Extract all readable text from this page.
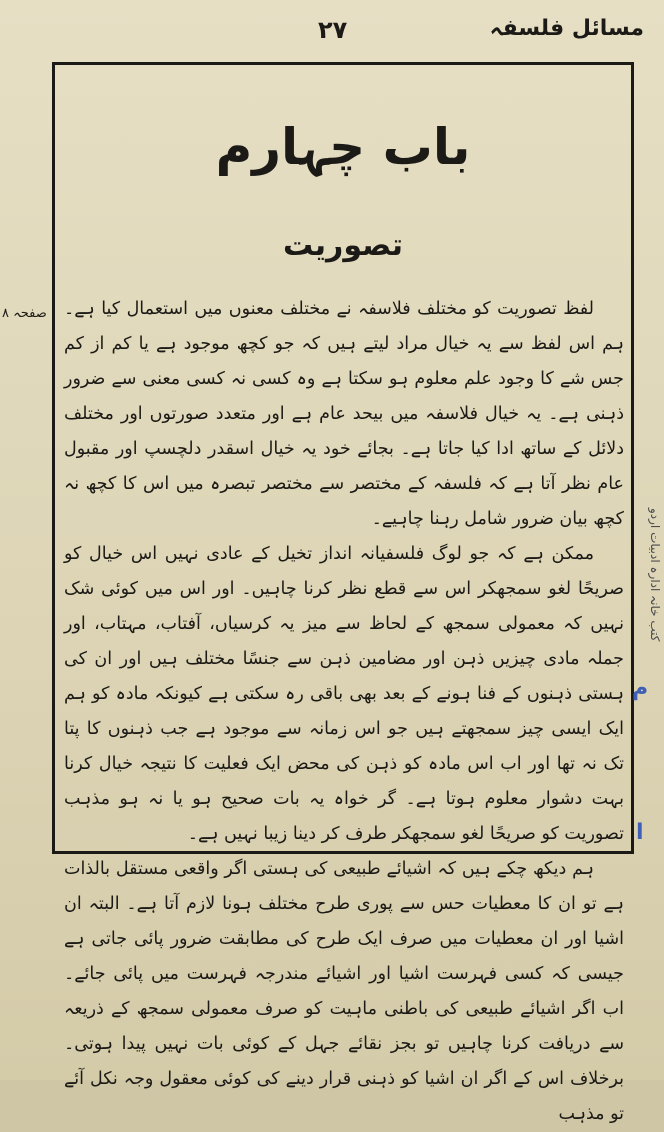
۲۷	مسائل فلسفہ
باب چہارم
تصوریت

لفظ تصوریت کو مختلف فلاسفہ نے مختلف معنوں میں استعمال کیا ہے۔ ہم اس لفظ سے یہ خیال مراد لیتے ہیں کہ جو کچھ موجود ہے یا کم از کم جس شے کا وجود علم معلوم ہو سکتا ہے وہ کسی نہ کسی معنی سے ضرور ذہنی ہے۔ یہ خیال فلاسفہ میں بیحد عام ہے اور متعدد صورتوں اور مختلف دلائل کے ساتھ ادا کیا جاتا ہے۔ بجائے خود یہ خیال اسقدر دلچسپ اور مقبول عام نظر آتا ہے کہ فلسفہ کے مختصر سے مختصر تبصرہ میں اس کا کچھ نہ کچھ بیان ضرور شامل رہنا چاہیے۔

ممکن ہے کہ جو لوگ فلسفیانہ انداز تخیل کے عادی نہیں اس خیال کو صریحًا لغو سمجھکر اس سے قطع نظر کرنا چاہیں۔ اور اس میں کوئی شک نہیں کہ معمولی سمجھ کے لحاظ سے میز یہ کرسیاں، آفتاب، مہتاب، اور جملہ مادی چیزیں ذہن اور مضامین ذہن سے جنسًا مختلف ہیں اور ان کی ہستی ذہنوں کے فنا ہونے کے بعد بھی باقی رہ سکتی ہے کیونکہ مادہ کو ہم ایک ایسی چیز سمجھتے ہیں جو اس زمانہ سے موجود ہے جب ذہنوں کا پتا تک نہ تھا اور اب اس مادہ کو ذہن کی محض ایک فعلیت کا نتیجہ خیال کرنا بہت دشوار معلوم ہوتا ہے۔ گر خواہ یہ بات صحیح ہو یا نہ ہو مذہب تصوریت کو صریحًا لغو سمجھکر طرف کر دینا زیبا نہیں ہے۔

ہم دیکھ چکے ہیں کہ اشیائے طبیعی کی ہستی اگر واقعی مستقل بالذات ہے تو ان کا معطیات حس سے پوری طرح مختلف ہونا لازم آتا ہے۔ البتہ ان اشیا اور ان معطیات میں صرف ایک طرح کی مطابقت ضرور پائی جاتی ہے جیسی کہ کسی فہرست اشیا اور اشیائے مندرجہ فہرست میں پائی جائے۔ اب اگر اشیائے طبیعی کی باطنی ماہیت کو صرف معمولی سمجھ کے ذریعہ سے دریافت کرنا چاہیں تو بجز نقائے جہل کے کوئی بات نہیں پیدا ہوتی۔ برخلاف اس کے اگر ان اشیا کو ذہنی قرار دینے کی کوئی معقول وجہ نکل آئے تو مذہب

صفحہ ۸
کتب خانہ ادارہ ادبیات اردو
م
ا
